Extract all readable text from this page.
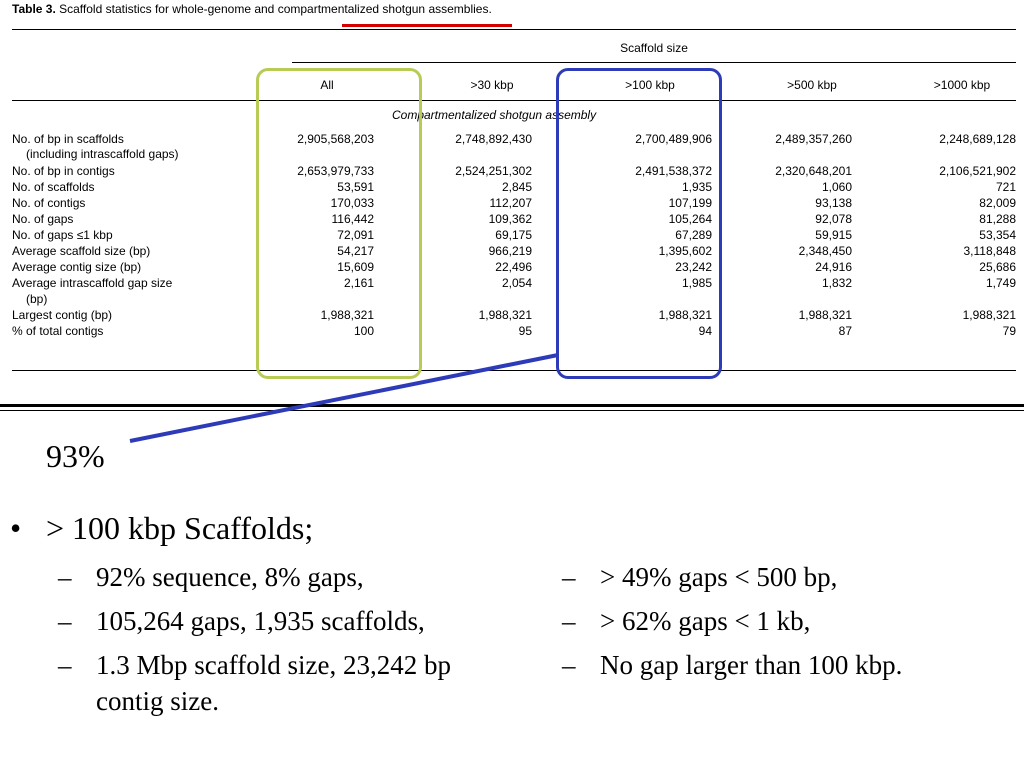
Table 3. Scaffold statistics for whole-genome and compartmentalized shotgun assemblies.
Scaffold size
All	>30 kbp	>100 kbp	>500 kbp	>1000 kbp
Compartmentalized shotgun assembly
No. of bp in scaffolds	2,905,568,203	2,748,892,430	2,700,489,906	2,489,357,260	2,248,689,128
(including intrascaffold gaps)
No. of bp in contigs	2,653,979,733	2,524,251,302	2,491,538,372	2,320,648,201	2,106,521,902
No. of scaffolds	53,591	2,845	1,935	1,060	721
No. of contigs	170,033	112,207	107,199	93,138	82,009
No. of gaps	116,442	109,362	105,264	92,078	81,288
No. of gaps ≤1 kbp	72,091	69,175	67,289	59,915	53,354
Average scaffold size (bp)	54,217	966,219	1,395,602	2,348,450	3,118,848
Average contig size (bp)	15,609	22,496	23,242	24,916	25,686
Average intrascaffold gap size	2,161	2,054	1,985	1,832	1,749
(bp)
Largest contig (bp)	1,988,321	1,988,321	1,988,321	1,988,321	1,988,321
% of total contigs	100	95	94	87	79
93%
• > 100 kbp Scaffolds;
– 92% sequence, 8% gaps,
– 105,264 gaps, 1,935 scaffolds,
– 1.3 Mbp scaffold size, 23,242 bp
contig size.
– > 49% gaps < 500 bp,
– > 62% gaps < 1 kb,
– No gap larger than 100 kbp.
